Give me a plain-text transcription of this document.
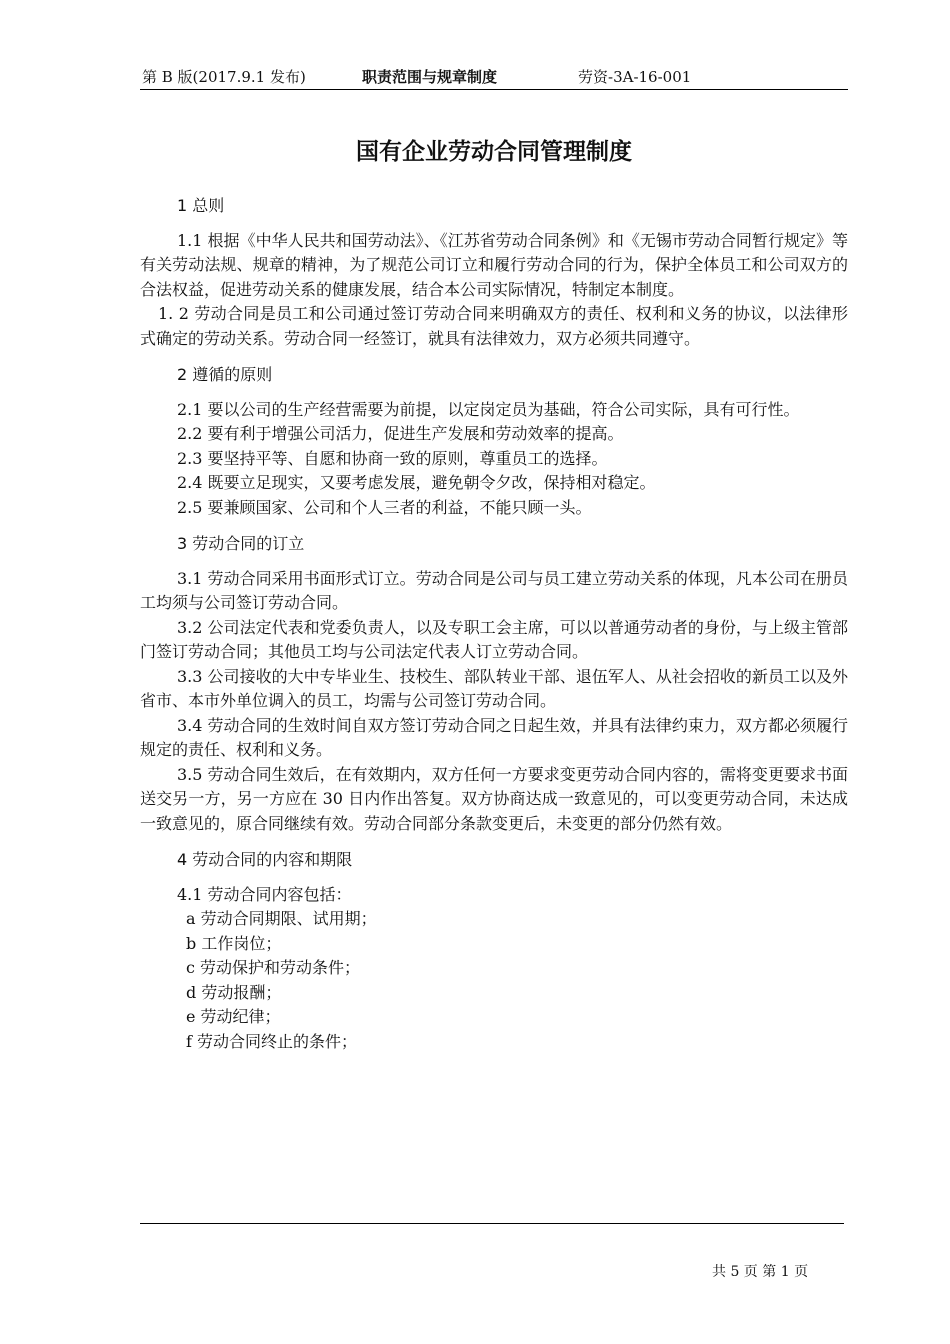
第 B 版(2017.9.1 发布)	职责范围与规章制度	劳资-3A-16-001
国有企业劳动合同管理制度

1 总则

1.1 根据《中华人民共和国劳动法》、《江苏省劳动合同条例》和《无锡市劳动合同暂行规定》等有关劳动法规、规章的精神，为了规范公司订立和履行劳动合同的行为，保护全体员工和公司双方的合法权益，促进劳动关系的健康发展，结合本公司实际情况，特制定本制度。

1. 2 劳动合同是员工和公司通过签订劳动合同来明确双方的责任、权利和义务的协议，以法律形式确定的劳动关系。劳动合同一经签订，就具有法律效力，双方必须共同遵守。

2 遵循的原则

2.1 要以公司的生产经营需要为前提，以定岗定员为基础，符合公司实际，具有可行性。

2.2 要有利于增强公司活力，促进生产发展和劳动效率的提高。

2.3 要坚持平等、自愿和协商一致的原则，尊重员工的选择。

2.4 既要立足现实，又要考虑发展，避免朝令夕改，保持相对稳定。

2.5 要兼顾国家、公司和个人三者的利益，不能只顾一头。

3 劳动合同的订立

3.1 劳动合同采用书面形式订立。劳动合同是公司与员工建立劳动关系的体现，凡本公司在册员工均须与公司签订劳动合同。

3.2 公司法定代表和党委负责人，以及专职工会主席，可以以普通劳动者的身份，与上级主管部门签订劳动合同；其他员工均与公司法定代表人订立劳动合同。

3.3 公司接收的大中专毕业生、技校生、部队转业干部、退伍军人、从社会招收的新员工以及外省市、本市外单位调入的员工，均需与公司签订劳动合同。

3.4 劳动合同的生效时间自双方签订劳动合同之日起生效，并具有法律约束力，双方都必须履行规定的责任、权利和义务。

3.5 劳动合同生效后，在有效期内，双方任何一方要求变更劳动合同内容的，需将变更要求书面送交另一方，另一方应在 30 日内作出答复。双方协商达成一致意见的，可以变更劳动合同，未达成一致意见的，原合同继续有效。劳动合同部分条款变更后，未变更的部分仍然有效。

4 劳动合同的内容和期限

4.1 劳动合同内容包括：

a 劳动合同期限、试用期；

b 工作岗位；

c 劳动保护和劳动条件；

d 劳动报酬；

e 劳动纪律；

f 劳动合同终止的条件；

共 5 页 第 1 页
